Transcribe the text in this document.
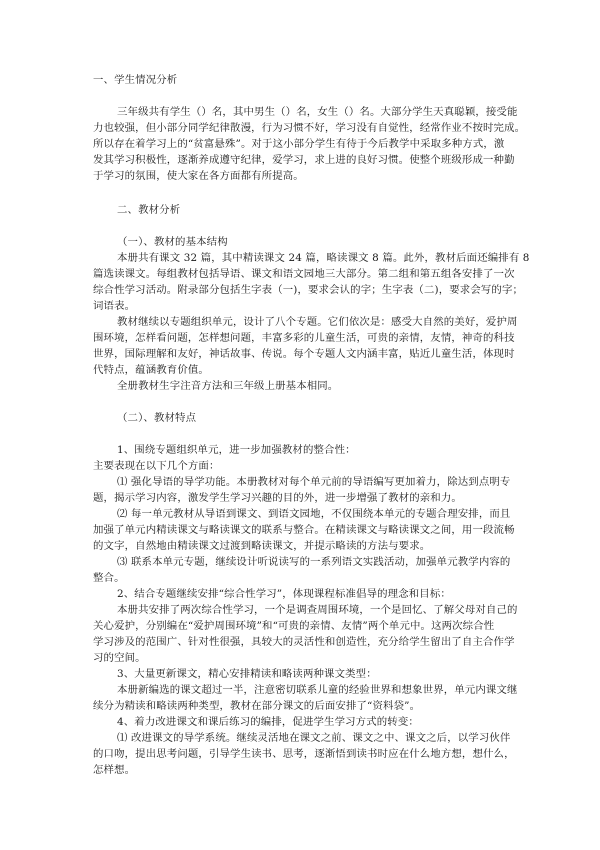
一、学生情况分析

三年级共有学生（）名，其中男生（）名，女生（）名。大部分学生天真聪颖，接受能

力也较强，但小部分同学纪律散漫，行为习惯不好，学习没有自觉性，经常作业不按时完成。

所以存在着学习上的“贫富悬殊”。对于这小部分学生有待于今后教学中采取多种方式，激

发其学习积极性，逐渐养成遵守纪律，爱学习，求上进的良好习惯。使整个班级形成一种勤

于学习的氛围，使大家在各方面都有所提高。

二、教材分析

（一）、教材的基本结构

本册共有课文 32 篇，其中精读课文 24 篇，略读课文 8 篇。此外，教材后面还编排有 8

篇选读课文。每组教材包括导语、课文和语文园地三大部分。第二组和第五组各安排了一次

综合性学习活动。附录部分包括生字表（一)，要求会认的字；生字表（二)，要求会写的字；

词语表。

教材继续以专题组织单元，设计了八个专题。它们依次是：感受大自然的美好，爱护周

围环境，怎样看问题，怎样想问题，丰富多彩的儿童生活，可贵的亲情，友情，神奇的科技

世界，国际理解和友好，神话故事、传说。每个专题人文内涵丰富，贴近儿童生活，体现时

代特点，蕴涵教育价值。

全册教材生字注音方法和三年级上册基本相同。

（二）、教材特点

1、围绕专题组织单元，进一步加强教材的整合性：

主要表现在以下几个方面：

⑴ 强化导语的导学功能。本册教材对每个单元前的导语编写更加着力，除达到点明专

题，揭示学习内容，激发学生学习兴趣的目的外，进一步增强了教材的亲和力。

⑵ 每一单元教材从导语到课文、到语文园地，不仅围绕本单元的专题合理安排，而且

加强了单元内精读课文与略读课文的联系与整合。在精读课文与略读课文之间，用一段流畅

的文字，自然地由精读课文过渡到略读课文，并提示略读的方法与要求。

⑶ 联系本单元专题，继续设计听说读写的一系列语文实践活动，加强单元教学内容的

整合。

2、结合专题继续安排“综合性学习”，体现课程标准倡导的理念和目标：

本册共安排了两次综合性学习，一个是调查周围环境，一个是回忆、了解父母对自己的

关心爱护，分别编在“爱护周围环境”和“可贵的亲情、友情”两个单元中。这两次综合性

学习涉及的范围广、针对性很强，具较大的灵活性和创造性，充分给学生留出了自主合作学

习的空间。

3、大量更新课文，精心安排精读和略读两种课文类型：

本册新编选的课文超过一半，注意密切联系儿童的经验世界和想象世界，单元内课文继

续分为精读和略读两种类型，教材在部分课文的后面安排了“资料袋”。

4、着力改进课文和课后练习的编排，促进学生学习方式的转变：

⑴ 改进课文的导学系统。继续灵活地在课文之前、课文之中、课文之后，以学习伙伴

的口吻，提出思考问题，引导学生读书、思考，逐渐悟到读书时应在什么地方想，想什么，

怎样想。
